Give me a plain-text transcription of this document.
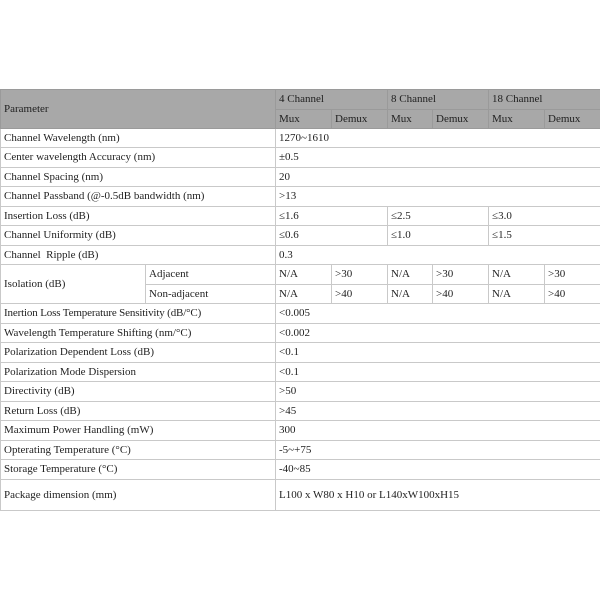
Parameter		4 Channel		8 Channel		18 Channel	
		Mux	Demux	Mux	Demux	Mux	Demux
Channel Wavelength (nm)		1270~1610					
Center wavelength Accuracy (nm)		±0.5					
Channel Spacing (nm)		20					
Channel Passband (@-0.5dB bandwidth (nm)		>13					
Insertion Loss (dB)		≤1.6		≤2.5		≤3.0	
Channel Uniformity (dB)		≤0.6		≤1.0		≤1.5	
Channel  Ripple (dB)		0.3					
Isolation (dB)	Adjacent	N/A	>30	N/A	>30	N/A	>30
	Non-adjacent	N/A	>40	N/A	>40	N/A	>40
Inertion Loss Temperature Sensitivity (dB/°C)		<0.005					
Wavelength Temperature Shifting (nm/°C)		<0.002					
Polarization Dependent Loss (dB)		<0.1					
Polarization Mode Dispersion		<0.1					
Directivity (dB)		>50					
Return Loss (dB)		>45					
Maximum Power Handling (mW)		300					
Opterating Temperature (°C)		-5~+75					
Storage Temperature (°C)		-40~85					
Package dimension (mm)		L100 x W80 x H10 or L140xW100xH15					
